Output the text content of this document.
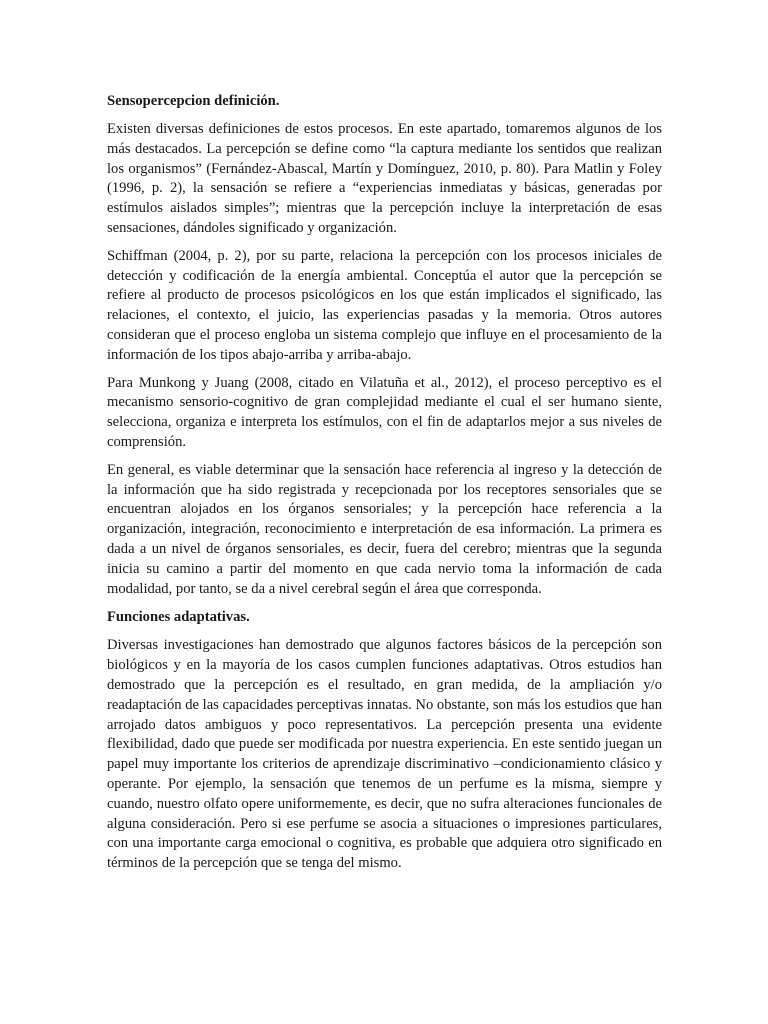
Sensopercepcion definición.

Existen diversas definiciones de estos procesos. En este apartado, tomaremos algunos de los más destacados. La percepción se define como “la captura mediante los sentidos que realizan los organismos” (Fernández-Abascal, Martín y Domínguez, 2010, p. 80). Para Matlin y Foley (1996, p. 2), la sensación se refiere a “experiencias inmediatas y básicas, generadas por estímulos aislados simples”; mientras que la percepción incluye la interpretación de esas sensaciones, dándoles significado y organización.

Schiffman (2004, p. 2), por su parte, relaciona la percepción con los procesos iniciales de detección y codificación de la energía ambiental. Conceptúa el autor que la percepción se refiere al producto de procesos psicológicos en los que están implicados el significado, las relaciones, el contexto, el juicio, las experiencias pasadas y la memoria. Otros autores consideran que el proceso engloba un sistema complejo que influye en el procesamiento de la información de los tipos abajo-arriba y arriba-abajo.

Para Munkong y Juang (2008, citado en Vilatuña et al., 2012), el proceso perceptivo es el mecanismo sensorio-cognitivo de gran complejidad mediante el cual el ser humano siente, selecciona, organiza e interpreta los estímulos, con el fin de adaptarlos mejor a sus niveles de comprensión.

En general, es viable determinar que la sensación hace referencia al ingreso y la detección de la información que ha sido registrada y recepcionada por los receptores sensoriales que se encuentran alojados en los órganos sensoriales; y la percepción hace referencia a la organización, integración, reconocimiento e interpretación de esa información. La primera es dada a un nivel de órganos sensoriales, es decir, fuera del cerebro; mientras que la segunda inicia su camino a partir del momento en que cada nervio toma la información de cada modalidad, por tanto, se da a nivel cerebral según el área que corresponda.

Funciones adaptativas.

Diversas investigaciones han demostrado que algunos factores básicos de la percepción son biológicos y en la mayoría de los casos cumplen funciones adaptativas. Otros estudios han demostrado que la percepción es el resultado, en gran medida, de la ampliación y/o readaptación de las capacidades perceptivas innatas. No obstante, son más los estudios que han arrojado datos ambiguos y poco representativos. La percepción presenta una evidente flexibilidad, dado que puede ser modificada por nuestra experiencia. En este sentido juegan un papel muy importante los criterios de aprendizaje discriminativo –condicionamiento clásico y operante. Por ejemplo, la sensación que tenemos de un perfume es la misma, siempre y cuando, nuestro olfato opere uniformemente, es decir, que no sufra alteraciones funcionales de alguna consideración. Pero si ese perfume se asocia a situaciones o impresiones particulares, con una importante carga emocional o cognitiva, es probable que adquiera otro significado en términos de la percepción que se tenga del mismo.
